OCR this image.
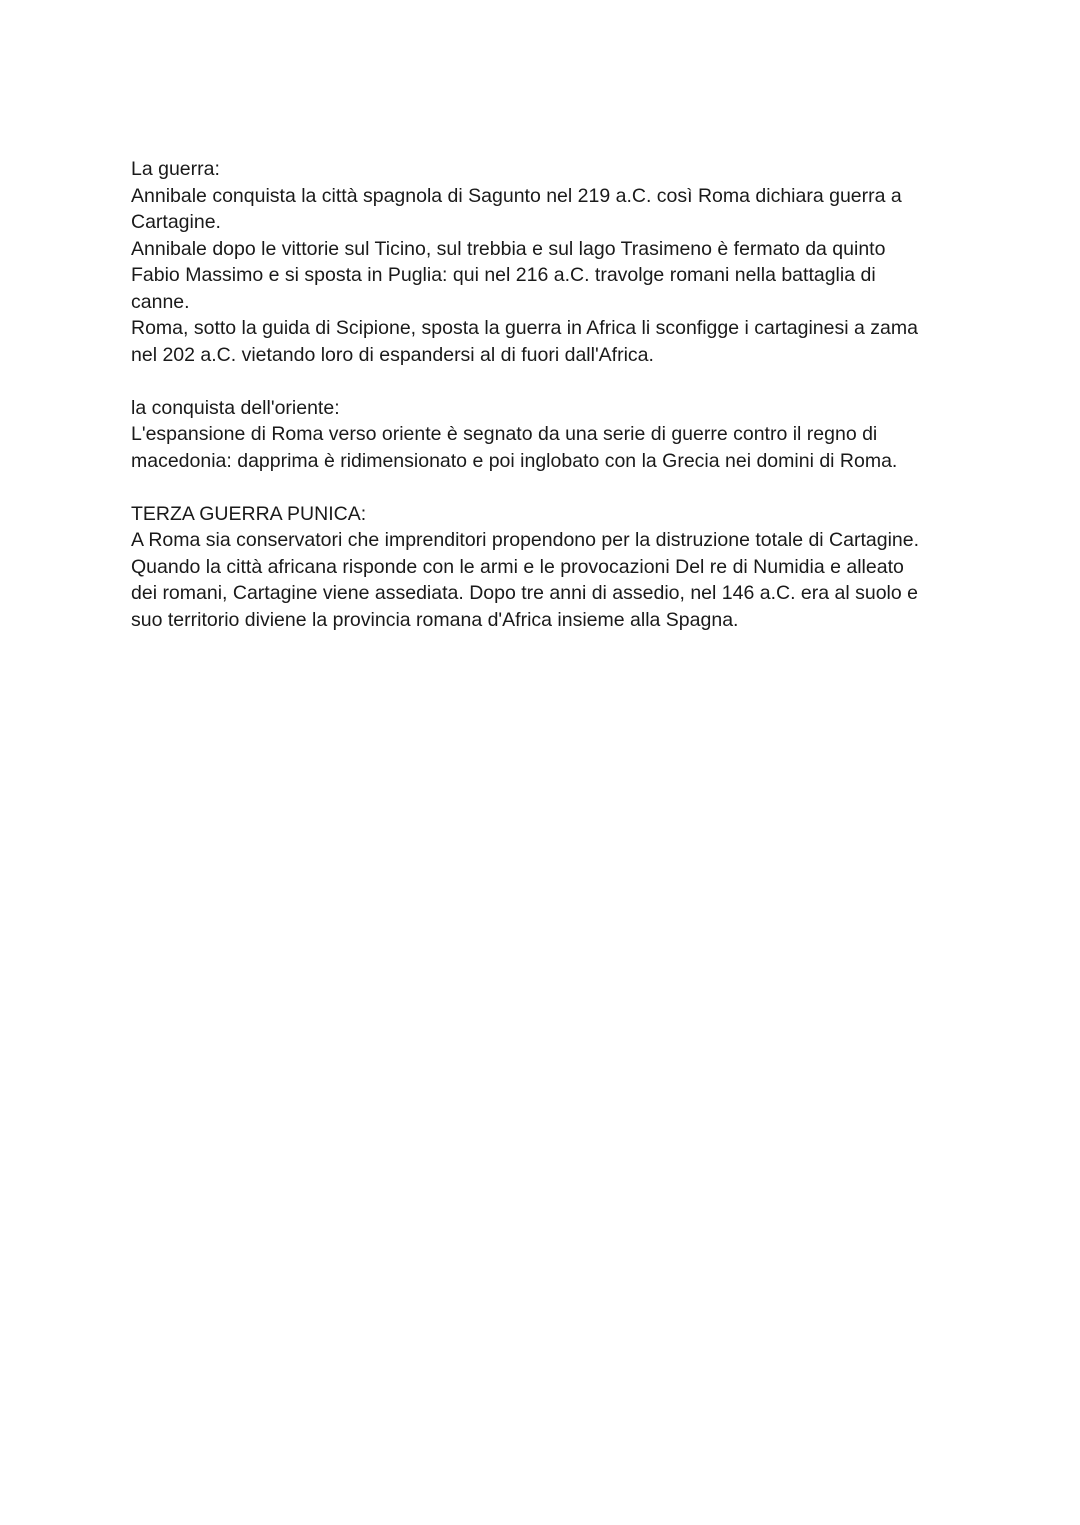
La guerra:
Annibale conquista la città spagnola di Sagunto nel 219 a.C. così Roma dichiara guerra a
Cartagine.
Annibale dopo le vittorie sul Ticino, sul trebbia e sul lago Trasimeno è fermato da quinto
Fabio Massimo e si sposta in Puglia: qui nel 216 a.C. travolge romani nella battaglia di
canne.
Roma, sotto la guida di Scipione, sposta la guerra in Africa li sconfigge i cartaginesi a zama
nel 202 a.C. vietando loro di espandersi al di fuori dall'Africa.
la conquista dell'oriente:
L'espansione di Roma verso oriente è segnato da una serie di guerre contro il regno di
macedonia: dapprima è ridimensionato e poi inglobato con la Grecia nei domini di Roma.
TERZA GUERRA PUNICA:
A Roma sia conservatori che imprenditori propendono per la distruzione totale di Cartagine.
Quando la città africana risponde con le armi e le provocazioni Del re di Numidia e alleato
dei romani, Cartagine viene assediata. Dopo tre anni di assedio, nel 146 a.C. era al suolo e
suo territorio diviene la provincia romana d'Africa insieme alla Spagna.
